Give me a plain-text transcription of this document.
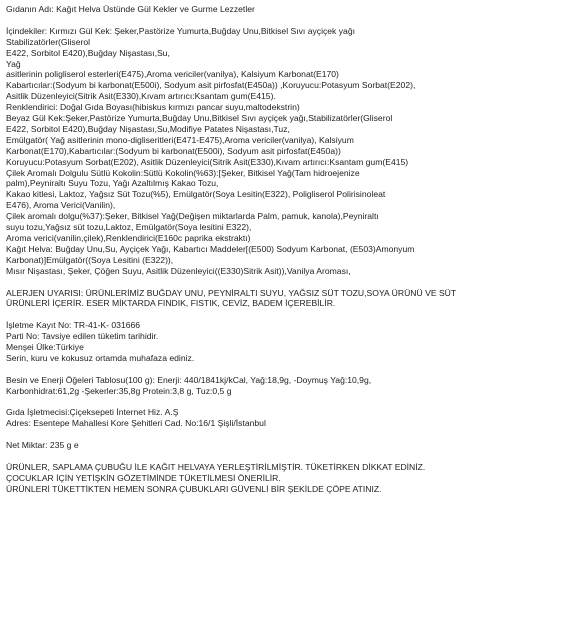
Gıdanın Adı: Kağıt Helva Üstünde Gül Kekler ve Gurme Lezzetler
İçindekiler: Kırmızı Gül Kek: Şeker,Pastörize Yumurta,Buğday Unu,Bitkisel Sıvı ayçiçek yağı
Stabilizatörler(Gliserol
E422, Sorbitol E420),Buğday Nişastası,Su,
Yağ
asitlerinin poligliserol esterleri(E475),Aroma vericiler(vanilya), Kalsiyum Karbonat(E170)
Kabartıcılar:(Sodyum bi karbonat(E500i), Sodyum asit pirfosfat(E450a)) ,Koruyucu:Potasyum Sorbat(E202),
Asitlik Düzenleyici(Sitrik Asit(E330),Kıvam artırıcı:Ksantam gum(E415).
Renklendirici: Doğal Gıda Boyası(hibiskus kırmızı pancar suyu,maltodekstrin)
Beyaz Gül Kek:Şeker,Pastörize Yumurta,Buğday Unu,Bitkisel Sıvı ayçiçek yağı,Stabilizatörler(Gliserol
E422, Sorbitol E420),Buğday Nişastası,Su,Modifiye Patates Nişastası,Tuz,
Emülgatör( Yağ asitlerinin mono-digliseritleri(E471-E475),Aroma vericiler(vanilya), Kalsiyum
Karbonat(E170),Kabartıcılar:(Sodyum bi karbonat(E500i), Sodyum asit pirfosfat(E450a))
Koruyucu:Potasyum Sorbat(E202), Asitlik Düzenleyici(Sitrik Asit(E330),Kıvam artırıcı:Ksantam gum(E415)
Çilek Aromalı Dolgulu Sütlü Kokolin:Sütlü Kokolin(%63):[Şeker, Bitkisel Yağ(Tam hidroejenize
palm),Peyniraltı Suyu Tozu, Yağı Azaltılmış Kakao Tozu,
Kakao kitlesi, Laktoz, Yağsız Süt Tozu(%5), Emülgatör(Soya Lesitin(E322), Poligliserol Polirisinoleat
E476), Aroma Verici(Vanilin),
Çilek aromalı dolgu(%37):Şeker, Bitkisel Yağ(Değişen miktarlarda Palm, pamuk, kanola),Peyniraltı
suyu tozu,Yağsız süt tozu,Laktoz, Emülgatör(Soya lesitini E322),
Aroma verici(vanilin,çilek),Renklendirici(E160c paprika ekstraktı)
Kağıt Helva: Buğday Unu,Su, Ayçiçek Yağı, Kabartıcı Maddeler[(E500) Sodyum Karbonat, (E503)Amonyum
Karbonat)]Emülgatör((Soya Lesitini (E322)),
Mısır Nişastası, Şeker, Çöğen Suyu, Asitlik Düzenleyici((E330)Sitrik Asit)),Vanilya Aroması,
ALERJEN UYARISI: ÜRÜNLERİMİZ BUĞDAY UNU, PEYNİRALTI SUYU, YAĞSIZ SÜT TOZU,SOYA ÜRÜNÜ VE SÜT
ÜRÜNLERİ İÇERİR. ESER MİKTARDA FINDIK, FISTIK, CEVİZ, BADEM İÇEREBİLİR.
İşletme Kayıt No: TR-41-K- 031666
Parti No: Tavsiye edilen tüketim tarihidir.
Menşei Ülke:Türkiye
Serin, kuru ve kokusuz ortamda muhafaza ediniz.
Besin ve Enerji Öğeleri Tablosu(100 g): Enerji: 440/1841kj/kCal, Yağ:18,9g, -Doymuş Yağ:10,9g,
Karbonhidrat:61,2g -Şekerler:35,8g Protein:3,8 g, Tuz:0,5 g
Gıda İşletmecisi:Çiçeksepeti İnternet Hiz. A.Ş
Adres: Esentepe Mahallesi Kore Şehitleri Cad. No:16/1 Şişli/İstanbul
Net Miktar: 235 g e
ÜRÜNLER, SAPLAMA ÇUBUĞU İLE KAĞIT HELVAYA YERLEŞTİRİLMİŞTİR. TÜKETİRKEN DİKKAT EDİNİZ.
ÇOCUKLAR İÇİN YETİŞKİN GÖZETİMİNDE TÜKETİLMESİ ÖNERİLİR.
ÜRÜNLERİ TÜKETTİKTEN HEMEN SONRA ÇUBUKLARI GÜVENLİ BİR ŞEKİLDE ÇÖPE ATINIZ.
